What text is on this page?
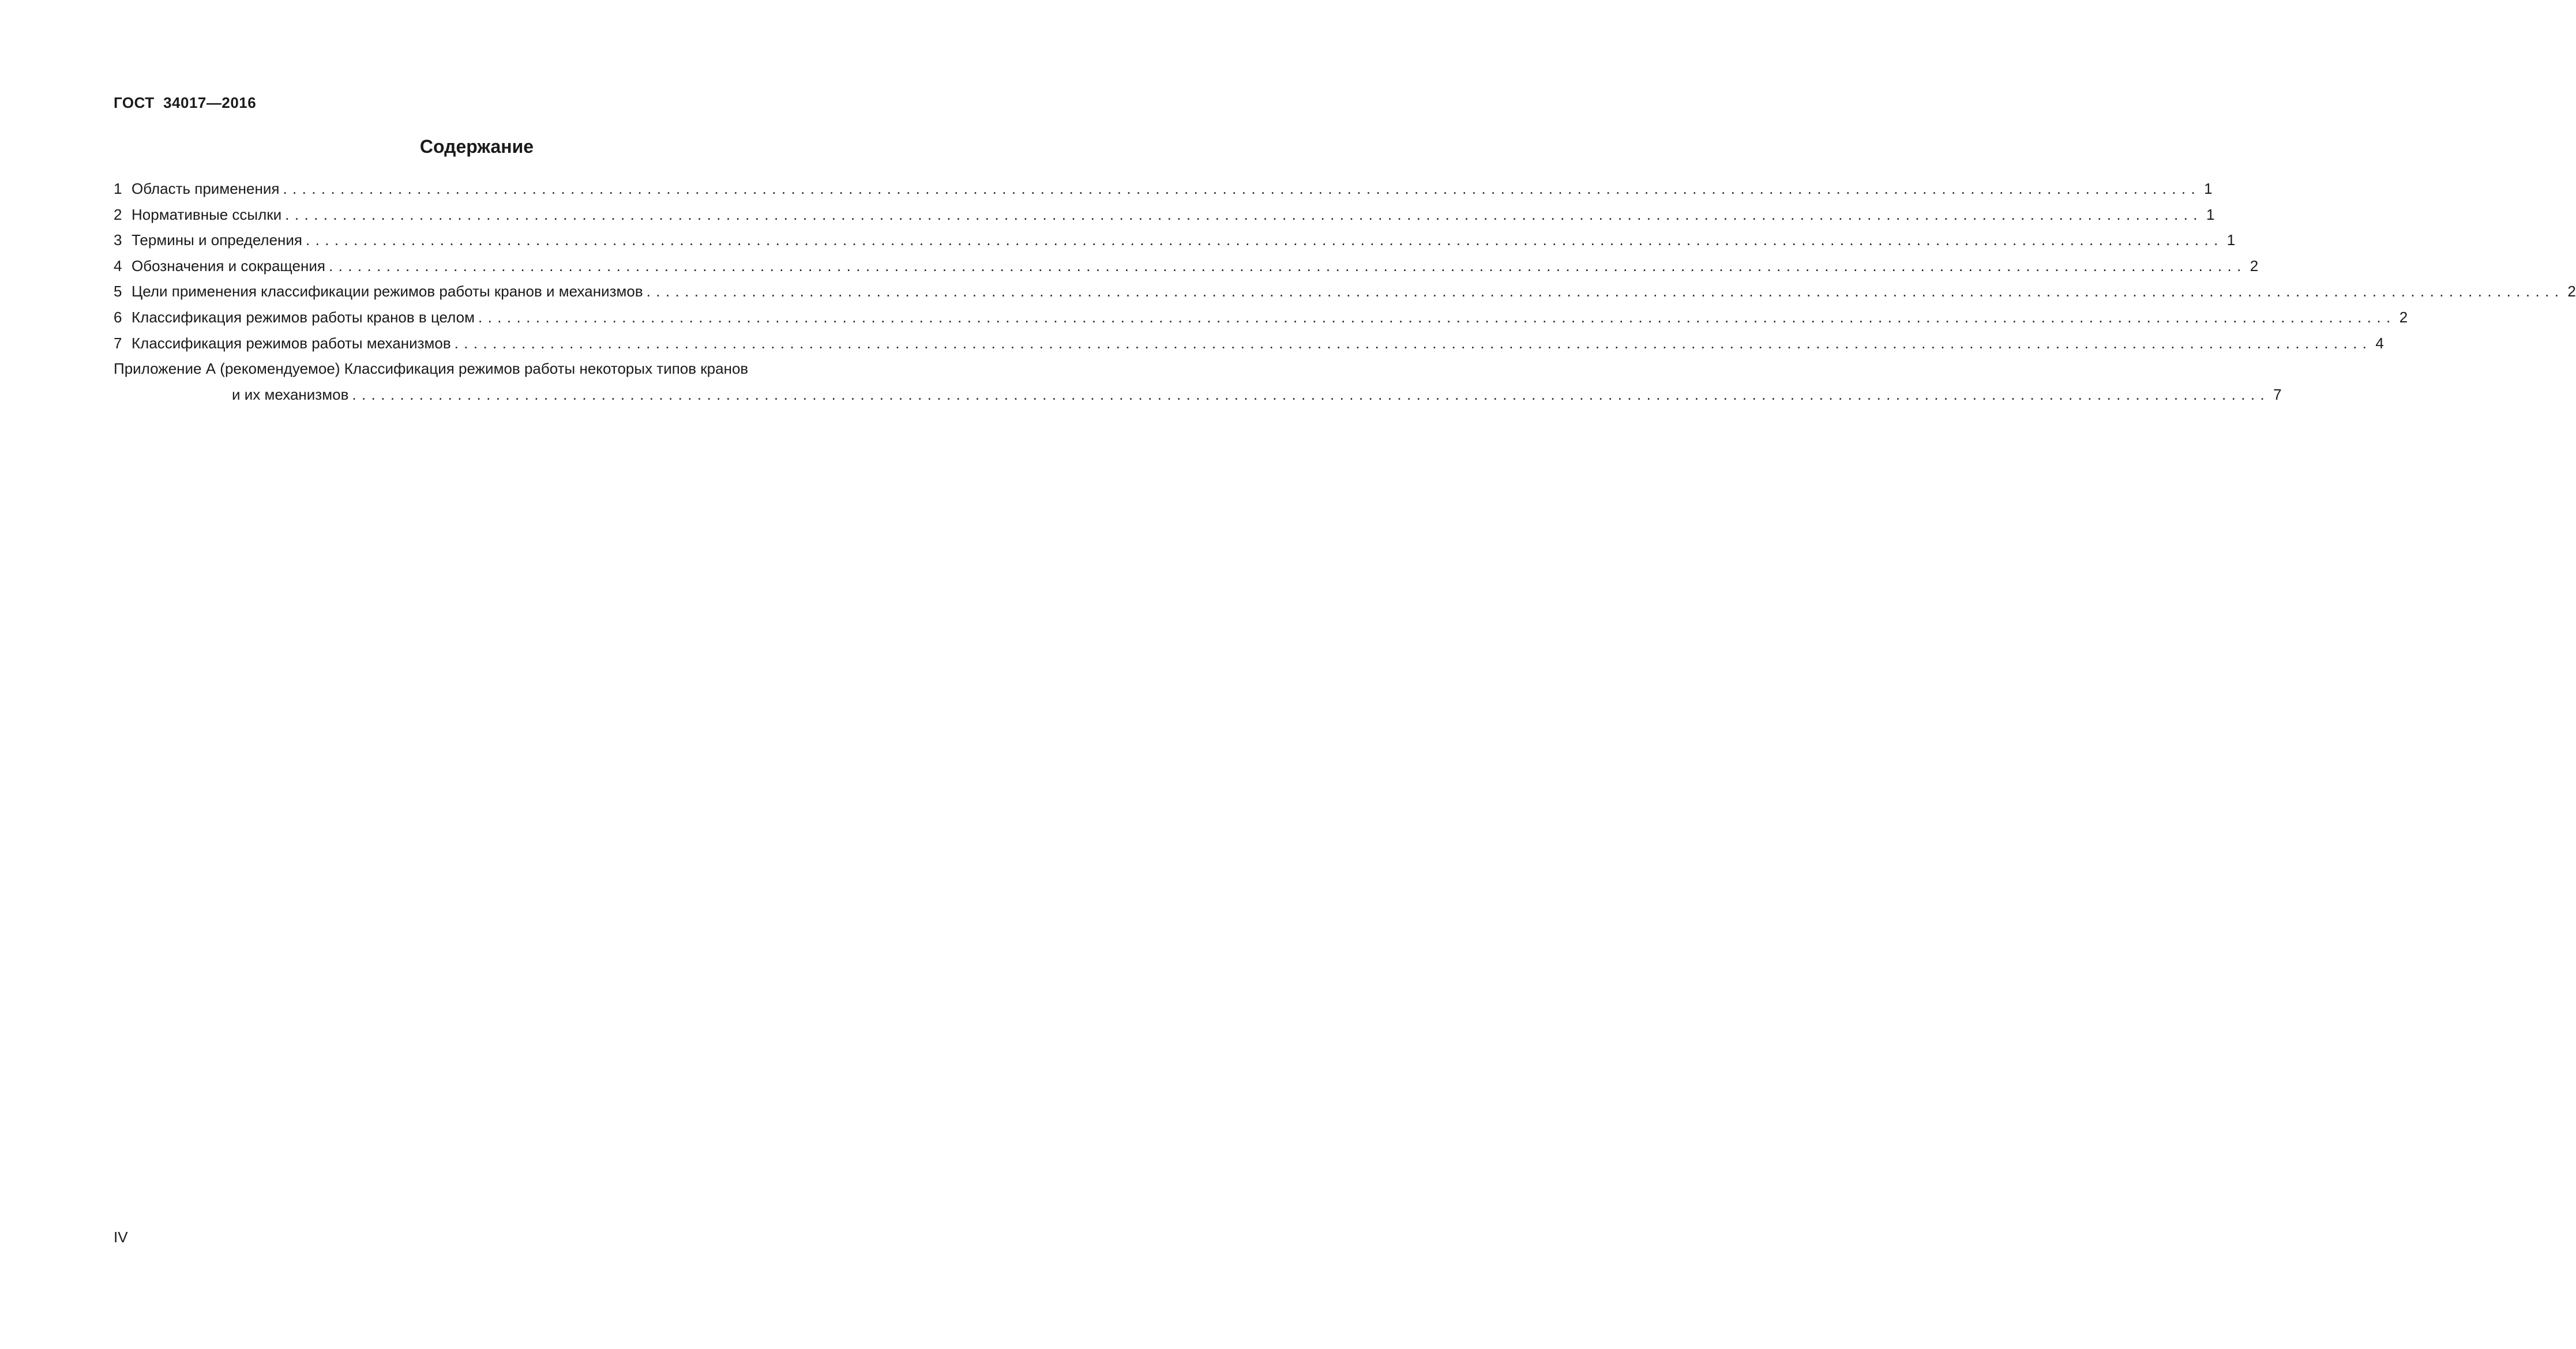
ГОСТ  34017—2016
Содержание
1 Область применения ........................................................................................................................................................................................................ 1
2 Нормативные ссылки ........................................................................................................................................................................................................ 1
3 Термины и определения ........................................................................................................................................................................................................ 1
4 Обозначения и сокращения ........................................................................................................................................................................................................ 2
5 Цели применения классификации режимов работы кранов и механизмов ........................................................................................................................................................................................................ 2
6 Классификация режимов работы кранов в целом ........................................................................................................................................................................................................ 2
7 Классификация режимов работы механизмов ........................................................................................................................................................................................................ 4
Приложение А (рекомендуемое) Классификация режимов работы некоторых типов кранов
и их механизмов ........................................................................................................................................................................................................ 7
IV
